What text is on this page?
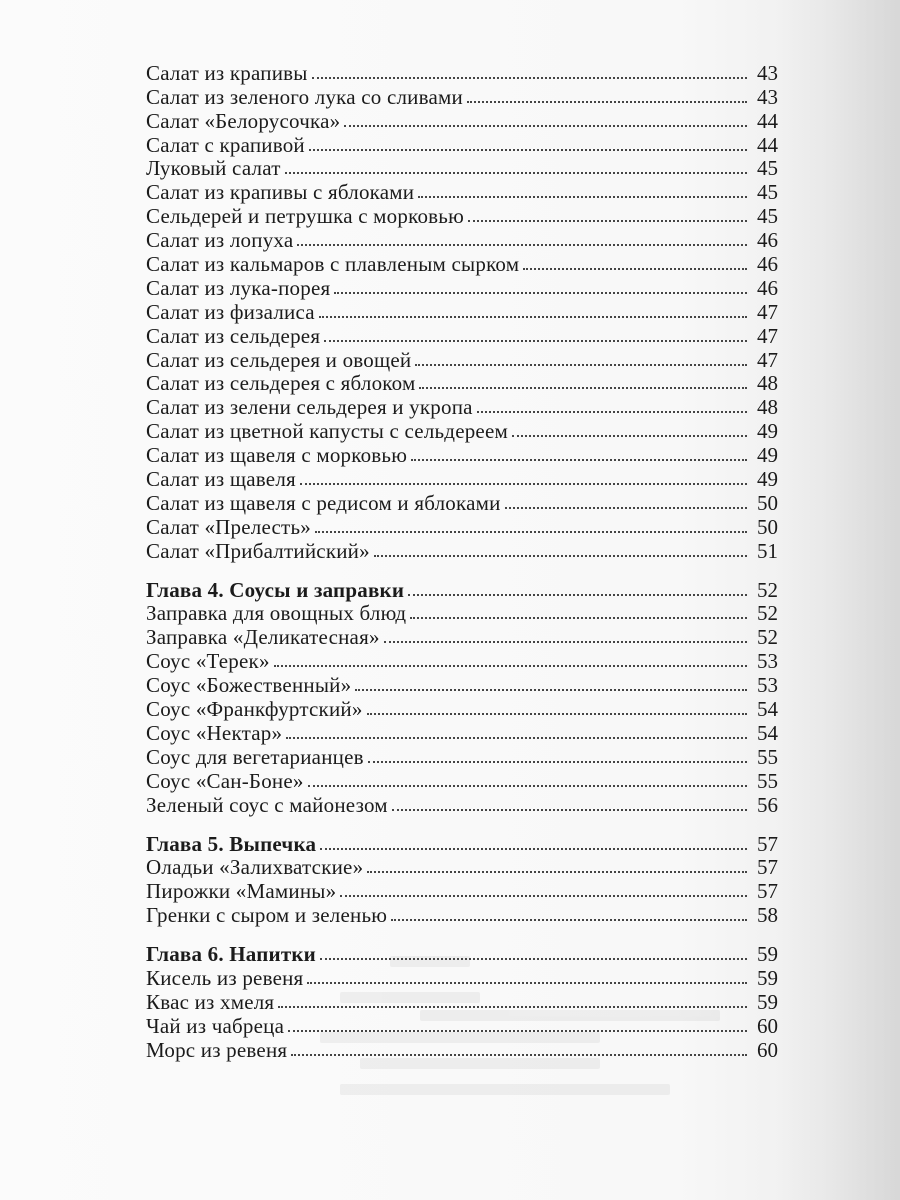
Салат из крапивы	43
Салат из зеленого лука со сливами	43
Салат «Белорусочка»	44
Салат с крапивой	44
Луковый салат	45
Салат из крапивы с яблоками	45
Сельдерей и петрушка с морковью	45
Салат из лопуха	46
Салат из кальмаров с плавленым сырком	46
Салат из лука-порея	46
Салат из физалиса	47
Салат из сельдерея	47
Салат из сельдерея и овощей	47
Салат из сельдерея с яблоком	48
Салат из зелени сельдерея и укропа	48
Салат из цветной капусты с сельдереем	49
Салат из щавеля с морковью	49
Салат из щавеля	49
Салат из щавеля с редисом и яблоками	50
Салат «Прелесть»	50
Салат «Прибалтийский»	51
Глава 4. Соусы и заправки	52
Заправка для овощных блюд	52
Заправка «Деликатесная»	52
Соус «Терек»	53
Соус «Божественный»	53
Соус «Франкфуртский»	54
Соус «Нектар»	54
Соус для вегетарианцев	55
Соус «Сан-Боне»	55
Зеленый соус с майонезом	56
Глава 5. Выпечка	57
Оладьи «Залихватские»	57
Пирожки «Мамины»	57
Гренки с сыром и зеленью	58
Глава 6. Напитки	59
Кисель из ревеня	59
Квас из хмеля	59
Чай из чабреца	60
Морс из ревеня	60
